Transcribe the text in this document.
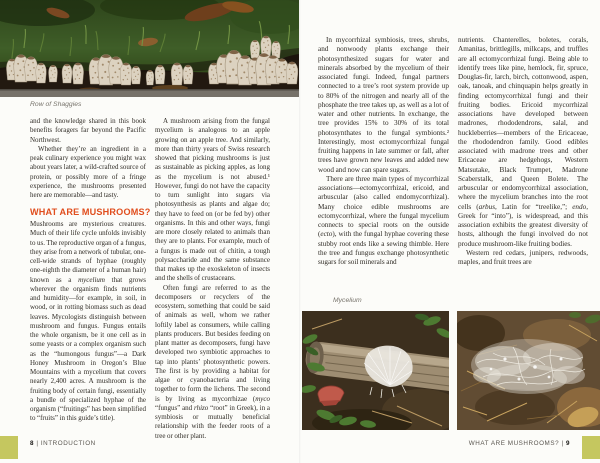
Row of Shaggies

and the knowledge shared in this book benefits foragers far beyond the Pacific Northwest.

Whether they’re an ingredient in a peak culinary experience you might wax about years later, a wild-crafted source of protein, or possibly more of a fringe experience, the mushrooms presented here are memorable—and tasty.

WHAT ARE MUSHROOMS?

Mushrooms are mysterious creatures. Much of their life cycle unfolds invisibly to us. The reproductive organ of a fungus, they arise from a network of tubular, one-cell-wide strands of hyphae (roughly one-eighth the diameter of a human hair) known as a mycelium that grows wherever the organism finds nutrients and humidity—for example, in soil, in wood, or in rotting biomass such as dead leaves. Mycologists distinguish between mushroom and fungus. Fungus entails the whole organism, be it one cell as in some yeasts or a complex organism such as the “humongous fungus”—a Dark Honey Mushroom in Oregon’s Blue Mountains with a mycelium that covers nearly 2,400 acres. A mushroom is the fruiting body of certain fungi, essentially a bundle of specialized hyphae of the organism (“fruitings” has been simplified to “fruits” in this guide’s title).

A mushroom arising from the fungal mycelium is analogous to an apple growing on an apple tree. And similarly, more than thirty years of Swiss research showed that picking mushrooms is just as sustainable as picking apples, as long as the mycelium is not abused.¹ However, fungi do not have the capacity to turn sunlight into sugars via photosynthesis as plants and algae do; they have to feed on (or be fed by) other organisms. In this and other ways, fungi are more closely related to animals than they are to plants. For example, much of a fungus is made out of chitin, a tough polysaccharide and the same substance that makes up the exoskeleton of insects and the shells of crustaceans.

Often fungi are referred to as the decomposers or recyclers of the ecosystem, something that could be said of animals as well, whom we rather loftily label as consumers, while calling plants producers. But besides feeding on plant matter as decomposers, fungi have developed two symbiotic approaches to tap into plants’ photosynthetic powers. The first is by providing a habitat for algae or cyanobacteria and living together to form the lichens. The second is by living as mycorrhizae (myco “fungus” and rhizo “root” in Greek), in a symbiosis or mutually beneficial relationship with the feeder roots of a tree or other plant.

8 | INTRODUCTION

In mycorrhizal symbiosis, trees, shrubs, and nonwoody plants exchange their photosynthesized sugars for water and minerals absorbed by the mycelium of their associated fungi. Indeed, fungal partners connected to a tree’s root system provide up to 80% of the nitrogen and nearly all of the phosphate the tree takes up, as well as a lot of water and other nutrients. In exchange, the tree provides 15% to 30% of its total photosynthates to the fungal symbionts.² Interestingly, most ectomycorrhizal fungal fruiting happens in late summer or fall, after trees have grown new leaves and added new wood and now can spare sugars.

There are three main types of mycorrhizal associations—ectomycorrhizal, ericoid, and arbuscular (also called endomycorrhizal). Many choice edible mushrooms are ectomycorrhizal, where the fungal mycelium connects to special roots on the outside (ecto), with the fungal hyphae covering these stubby root ends like a sewing thimble. Here the tree and fungus exchange photosynthetic sugars for soil minerals and

nutrients. Chanterelles, boletes, corals, Amanitas, brittlegills, milkcaps, and truffles are all ectomycorrhizal fungi. Being able to identify trees like pine, hemlock, fir, spruce, Douglas-fir, larch, birch, cottonwood, aspen, oak, tanoak, and chinquapin helps greatly in finding ectomycorrhizal fungi and their fruiting bodies. Ericoid mycorrhizal associations have developed between madrones, rhododendrons, salal, and huckleberries—members of the Ericaceae, the rhododendron family. Good edibles associated with madrone trees and other Ericaceae are hedgehogs, Western Matsutake, Black Trumpet, Madrone Scaberstalk, and Queen Bolete. The arbuscular or endomycorrhizal association, where the mycelium branches into the root cells (arbus, Latin for “treelike,”; endo, Greek for “into”), is widespread, and this association exhibits the greatest diversity of hosts, although the fungi involved do not produce mushroom-like fruiting bodies.

Western red cedars, junipers, redwoods, maples, and fruit trees are

Mycelium
WHAT ARE MUSHROOMS? | 9
